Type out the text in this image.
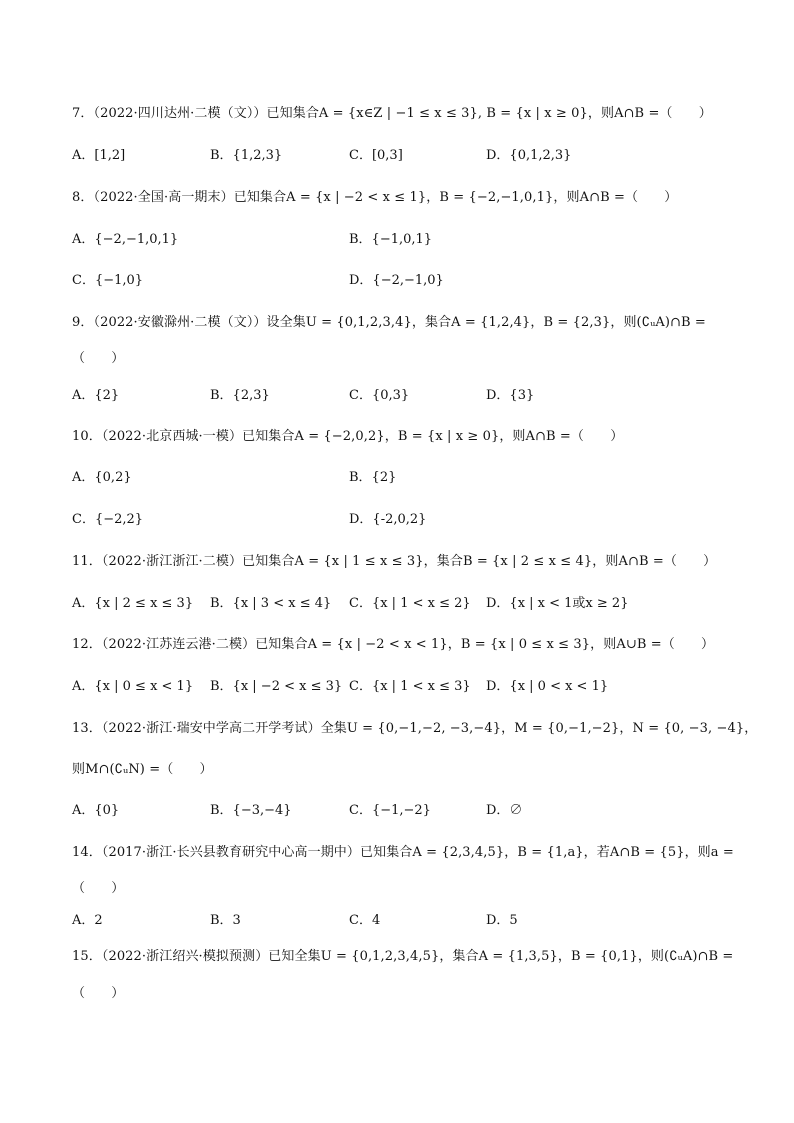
7．（2022·四川达州·二模（文））已知集合A = {x∈Z | −1 ≤ x ≤ 3}, B = {x | x ≥ 0}，则A∩B =（　　）
A．[1,2]	B．{1,2,3}	C．[0,3]	D．{0,1,2,3}
8．（2022·全国·高一期末）已知集合A = {x | −2 < x ≤ 1}，B = {−2,−1,0,1}，则A∩B =（　　）
A．{−2,−1,0,1}	B．{−1,0,1}
C．{−1,0}	D．{−2,−1,0}
9．（2022·安徽滁州·二模（文））设全集U = {0,1,2,3,4}，集合A = {1,2,4}，B = {2,3}，则(∁ᵤA)∩B =
（　　）
A．{2}	B．{2,3}	C．{0,3}	D．{3}
10．（2022·北京西城·一模）已知集合A = {−2,0,2}，B = {x | x ≥ 0}，则A∩B =（　　）
A．{0,2}	B．{2}
C．{−2,2}	D．{-2,0,2}
11．（2022·浙江浙江·二模）已知集合A = {x | 1 ≤ x ≤ 3}，集合B = {x | 2 ≤ x ≤ 4}，则A∩B =（　　）
A．{x | 2 ≤ x ≤ 3} B．{x | 3 < x ≤ 4} C．{x | 1 < x ≤ 2} D．{x | x < 1或x ≥ 2}
12．（2022·江苏连云港·二模）已知集合A = {x | −2 < x < 1}，B = {x | 0 ≤ x ≤ 3}，则A∪B =（　　）
A．{x | 0 ≤ x < 1} B．{x | −2 < x ≤ 3} C．{x | 1 < x ≤ 3} D．{x | 0 < x < 1}
13．（2022·浙江·瑞安中学高二开学考试）全集U = {0,−1,−2, −3,−4}，M = {0,−1,−2}，N = {0, −3, −4}，
则M∩(∁ᵤN) =（　　）
A．{0}	B．{−3,−4}	C．{−1,−2}	D．∅
14．（2017·浙江·长兴县教育研究中心高一期中）已知集合A = {2,3,4,5}，B = {1,a}，若A∩B = {5}，则a =
（　　）
A．2	B．3	C．4	D．5
15．（2022·浙江绍兴·模拟预测）已知全集U = {0,1,2,3,4,5}，集合A = {1,3,5}，B = {0,1}，则(∁ᵤA)∩B =
（　　）
